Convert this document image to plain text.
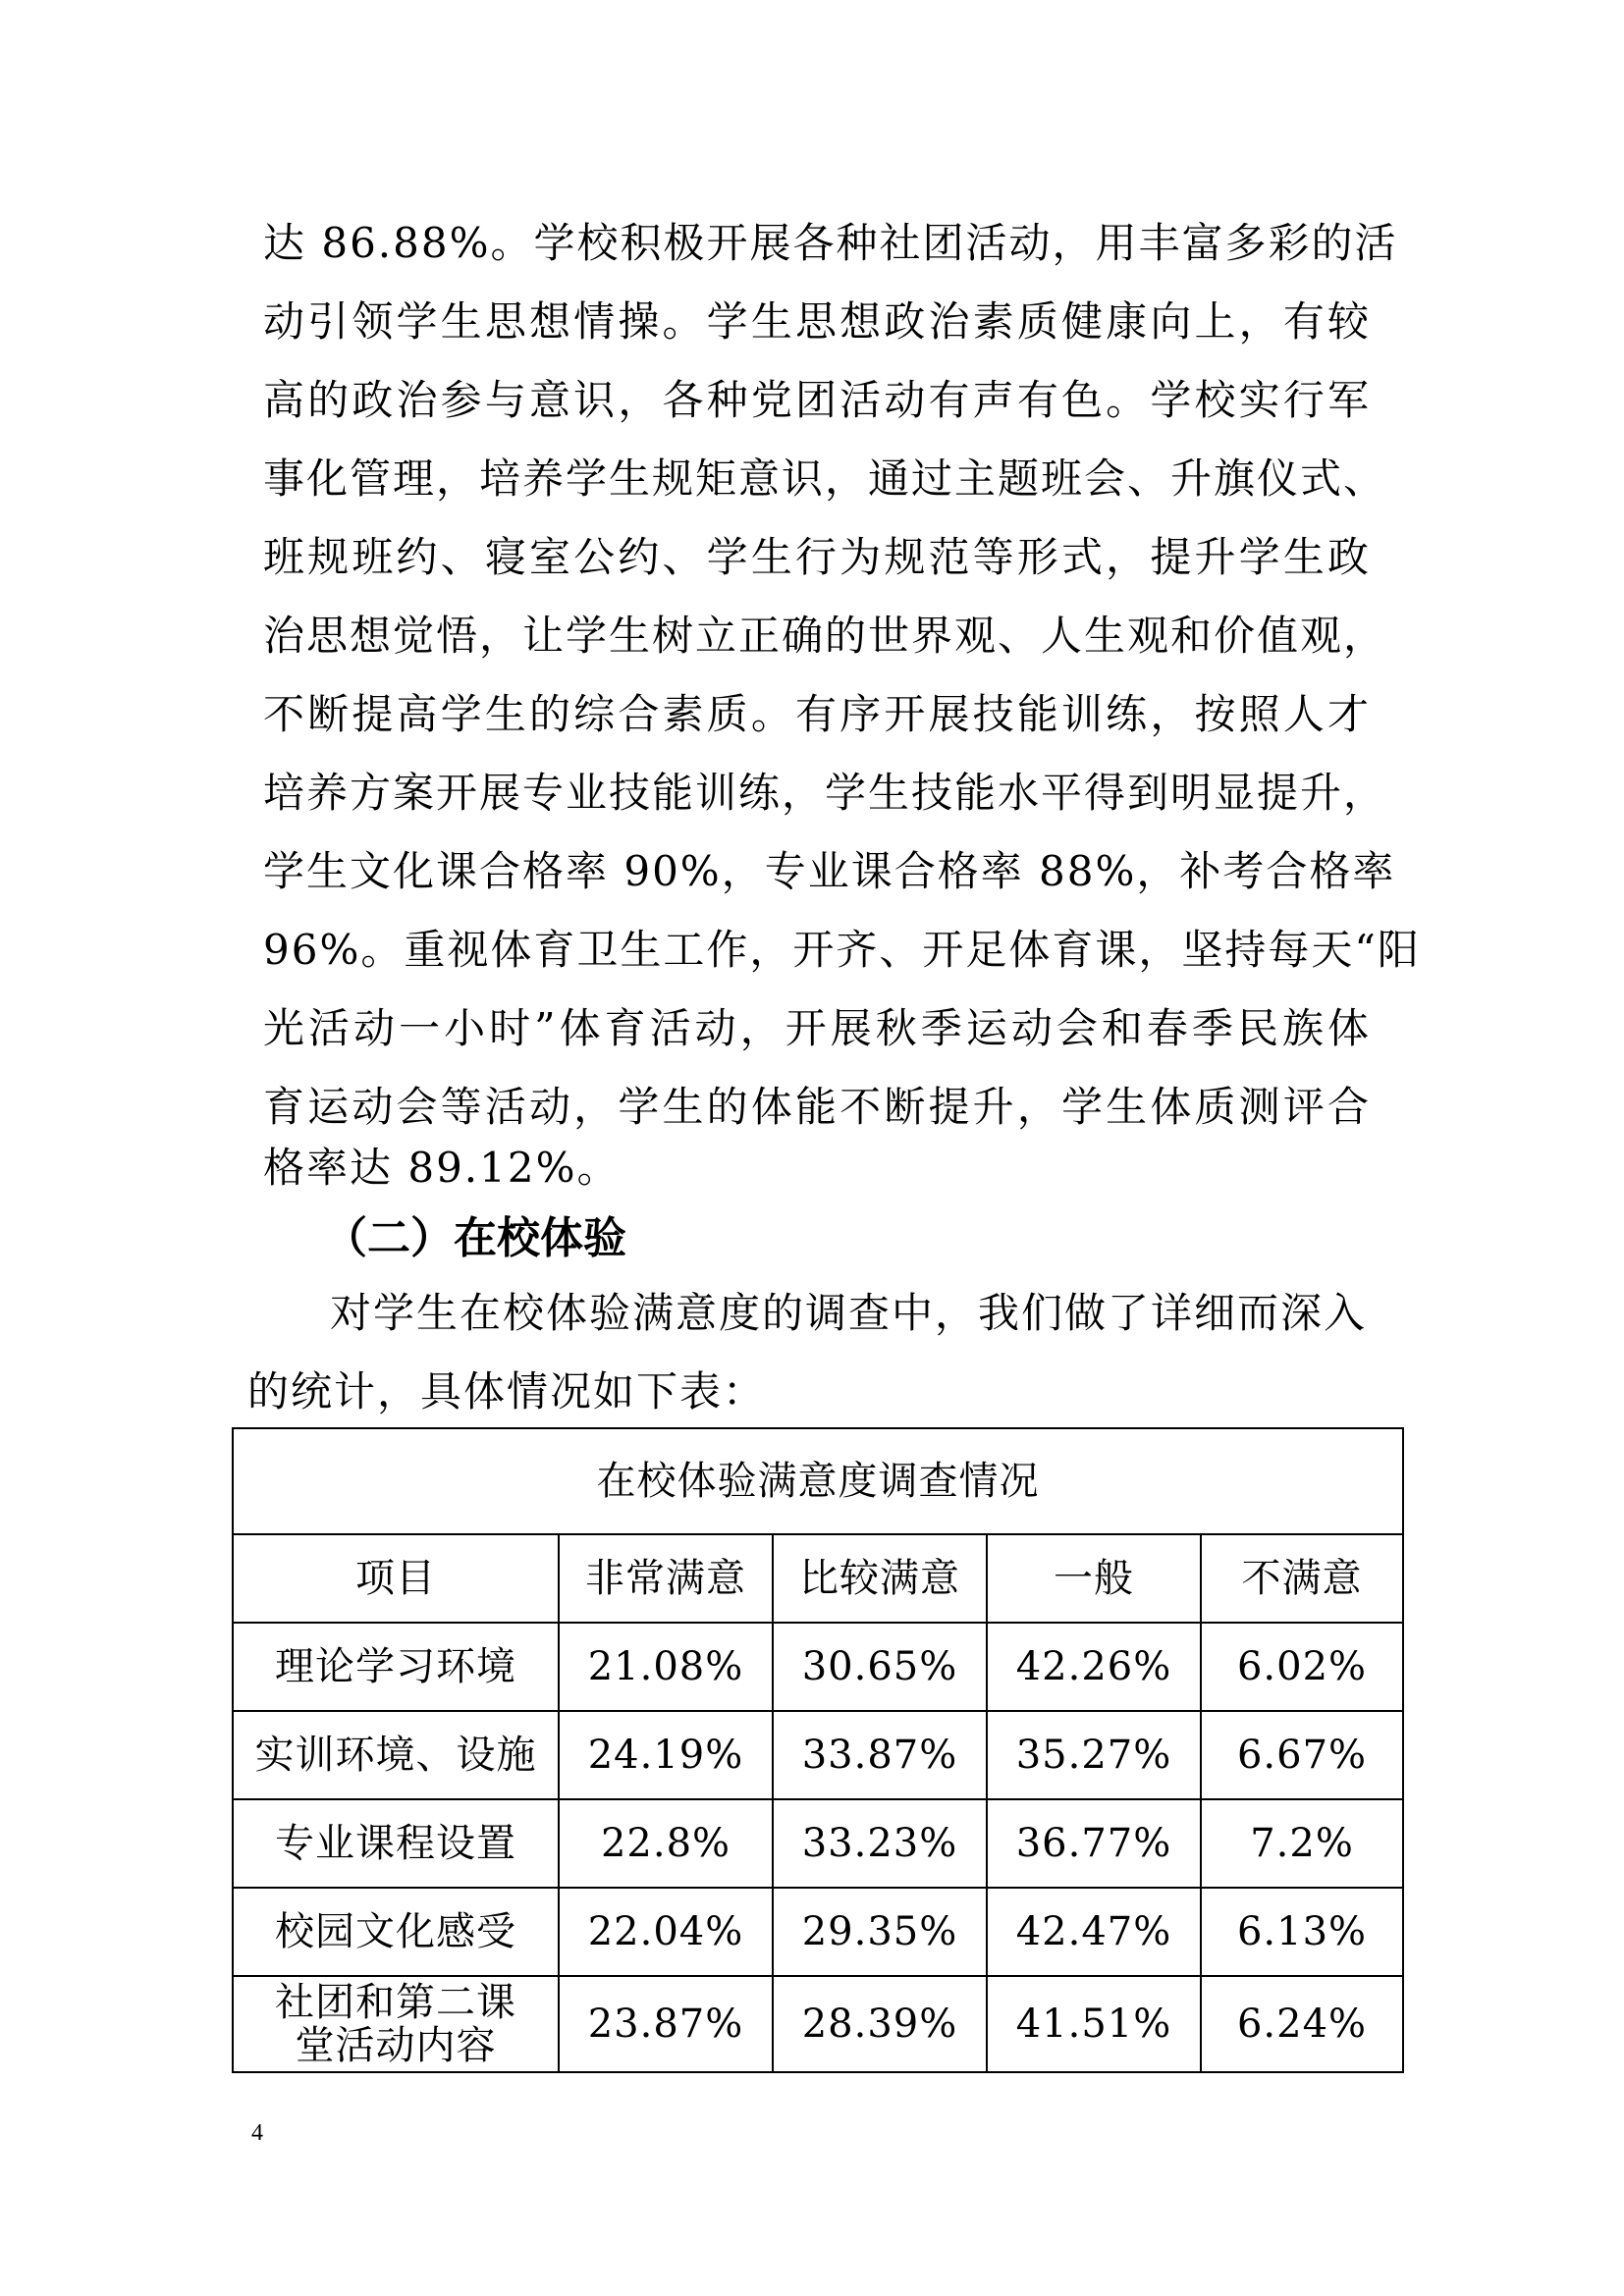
达 86.88%。学校积极开展各种社团活动，用丰富多彩的活
动引领学生思想情操。学生思想政治素质健康向上，有较
高的政治参与意识，各种党团活动有声有色。学校实行军
事化管理，培养学生规矩意识，通过主题班会、升旗仪式、
班规班约、寝室公约、学生行为规范等形式，提升学生政
治思想觉悟，让学生树立正确的世界观、人生观和价值观，
不断提高学生的综合素质。有序开展技能训练，按照人才
培养方案开展专业技能训练，学生技能水平得到明显提升，
学生文化课合格率 90%，专业课合格率 88%，补考合格率
96%。重视体育卫生工作，开齐、开足体育课，坚持每天“阳
光活动一小时”体育活动，开展秋季运动会和春季民族体
育运动会等活动，学生的体能不断提升，学生体质测评合
格率达 89.12%。
（二）在校体验
对学生在校体验满意度的调查中，我们做了详细而深入
的统计，具体情况如下表：
在校体验满意度调查情况				
项目	非常满意	比较满意	一般	不满意
理论学习环境	21.08%	30.65%	42.26%	6.02%
实训环境、设施	24.19%	33.87%	35.27%	6.67%
专业课程设置	22.8%	33.23%	36.77%	7.2%
校园文化感受	22.04%	29.35%	42.47%	6.13%
社团和第二课堂活动内容	23.87%	28.39%	41.51%	6.24%
4
